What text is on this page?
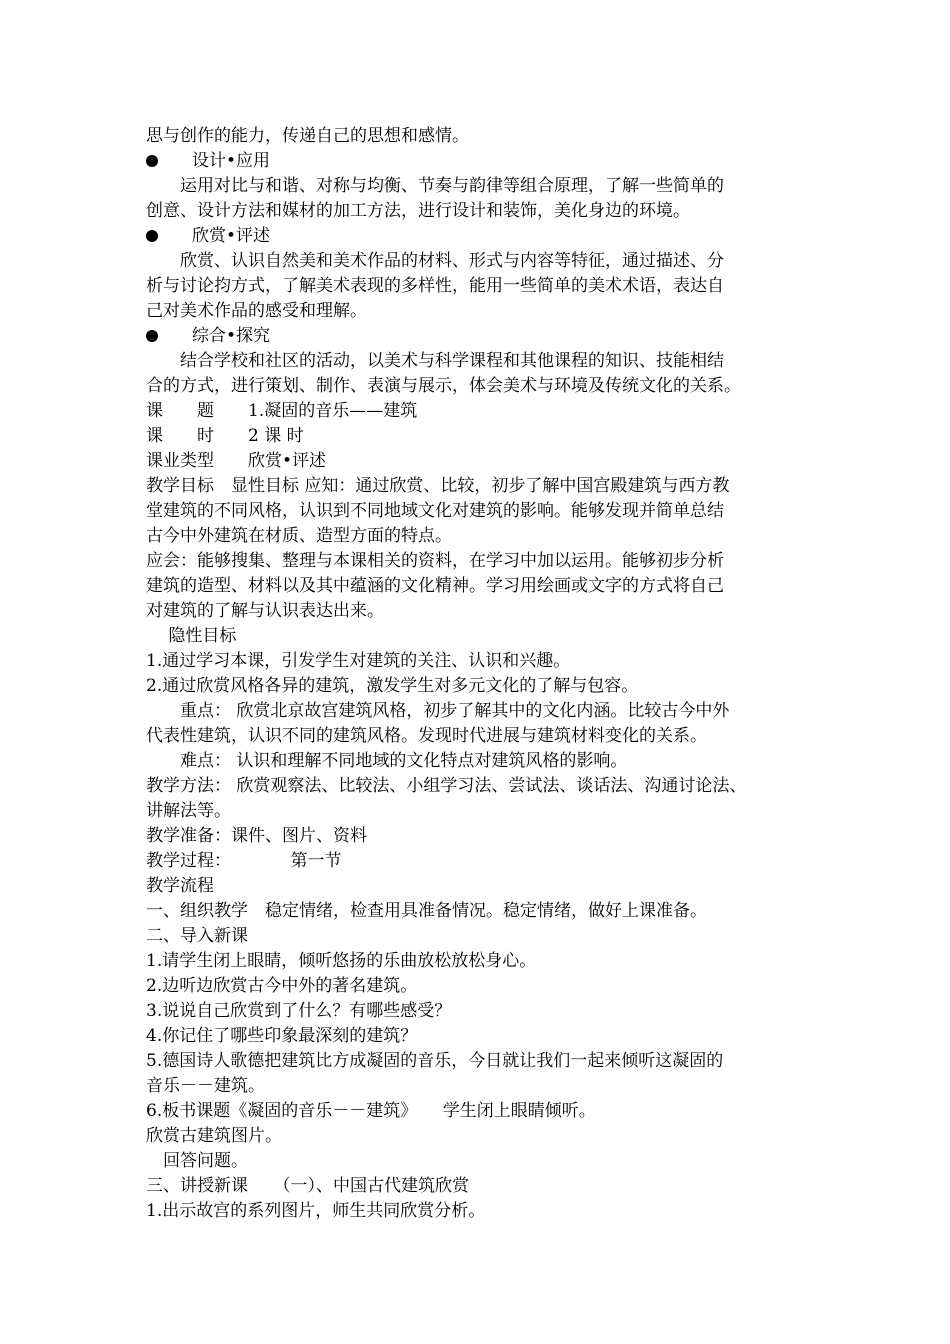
思与创作的能力，传递自己的思想和感情。
设计•应用
　　运用对比与和谐、对称与均衡、节奏与韵律等组合原理，了解一些简单的
创意、设计方法和媒材的加工方法，进行设计和装饰，美化身边的环境。
欣赏•评述
　　欣赏、认识自然美和美术作品的材料、形式与内容等特征，通过描述、分
析与讨论抣方式，了解美术表现的多样性，能用一些简单的美术术语，表达自
己对美术作品的感受和理解。
综合•探究
　　结合学校和社区的活动，以美术与科学课程和其他课程的知识、技能相结
合的方式，进行策划、制作、表演与展示，体会美术与环境及传统文化的关系。
课　　题　　1.凝固的音乐——建筑
课　　时　　2 课 时
课业类型　　欣赏•评述
教学目标　显性目标 应知：通过欣赏、比较，初步了解中国宫殿建筑与西方教
堂建筑的不同风格，认识到不同地域文化对建筑的影响。能够发现并简单总结
古今中外建筑在材质、造型方面的特点。
应会：能够搜集、整理与本课相关的资料，在学习中加以运用。能够初步分析
建筑的造型、材料以及其中蕴涵的文化精神。学习用绘画或文字的方式将自己
对建筑的了解与认识表达出来。
　 隐性目标
1.通过学习本课，引发学生对建筑的关注、认识和兴趣。
2.通过欣赏风格各异的建筑，激发学生对多元文化的了解与包容。
　　重点： 欣赏北京故宫建筑风格，初步了解其中的文化内涵。比较古今中外
代表性建筑，认识不同的建筑风格。发现时代进展与建筑材料变化的关系。
　　难点： 认识和理解不同地域的文化特点对建筑风格的影响。
教学方法： 欣赏观察法、比较法、小组学习法、尝试法、谈话法、沟通讨论法、
讲解法等。
教学准备：课件、图片、资料
教学过程：　　　　第一节
教学流程
一、组织教学　稳定情绪，检查用具准备情况。稳定情绪，做好上课准备。
二、导入新课
1.请学生闭上眼睛，倾听悠扬的乐曲放松放松身心。
2.边听边欣赏古今中外的著名建筑。
3.说说自己欣赏到了什么？有哪些感受？
4.你记住了哪些印象最深刻的建筑？
5.德国诗人歌德把建筑比方成凝固的音乐，今日就让我们一起来倾听这凝固的
音乐－－建筑。
6.板书课题《凝固的音乐－－建筑》　　学生闭上眼睛倾听。
欣赏古建筑图片。
　回答问题。
三、讲授新课　　（一）、中国古代建筑欣赏
1.出示故宫的系列图片，师生共同欣赏分析。
